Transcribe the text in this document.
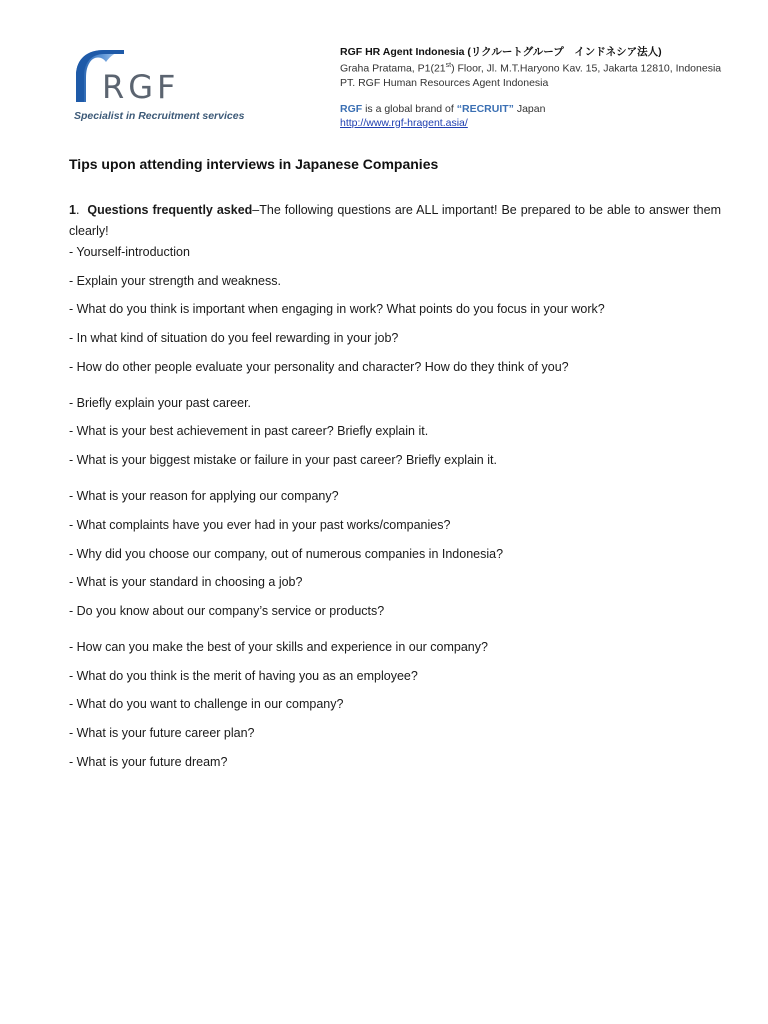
RGF
Specialist in Recruitment services
RGF HR Agent Indonesia (リクルートグループ　インドネシア法人)
Graha Pratama, P1(21st) Floor, Jl. M.T.Haryono Kav. 15, Jakarta 12810, Indonesia
PT. RGF Human Resources Agent Indonesia
RGF is a global brand of “RECRUIT” Japan
http://www.rgf-hragent.asia/
Tips upon attending interviews in Japanese Companies

1.  Questions frequently asked–The following questions are ALL important! Be prepared to be able to answer them clearly!

- Yourself-introduction
- Explain your strength and weakness.
- What do you think is important when engaging in work? What points do you focus in your work?
- In what kind of situation do you feel rewarding in your job?
- How do other people evaluate your personality and character? How do they think of you?
- Briefly explain your past career.
- What is your best achievement in past career? Briefly explain it.
- What is your biggest mistake or failure in your past career? Briefly explain it.
- What is your reason for applying our company?
- What complaints have you ever had in your past works/companies?
- Why did you choose our company, out of numerous companies in Indonesia?
- What is your standard in choosing a job?
- Do you know about our company’s service or products?
- How can you make the best of your skills and experience in our company?
- What do you think is the merit of having you as an employee?
- What do you want to challenge in our company?
- What is your future career plan?
- What is your future dream?
